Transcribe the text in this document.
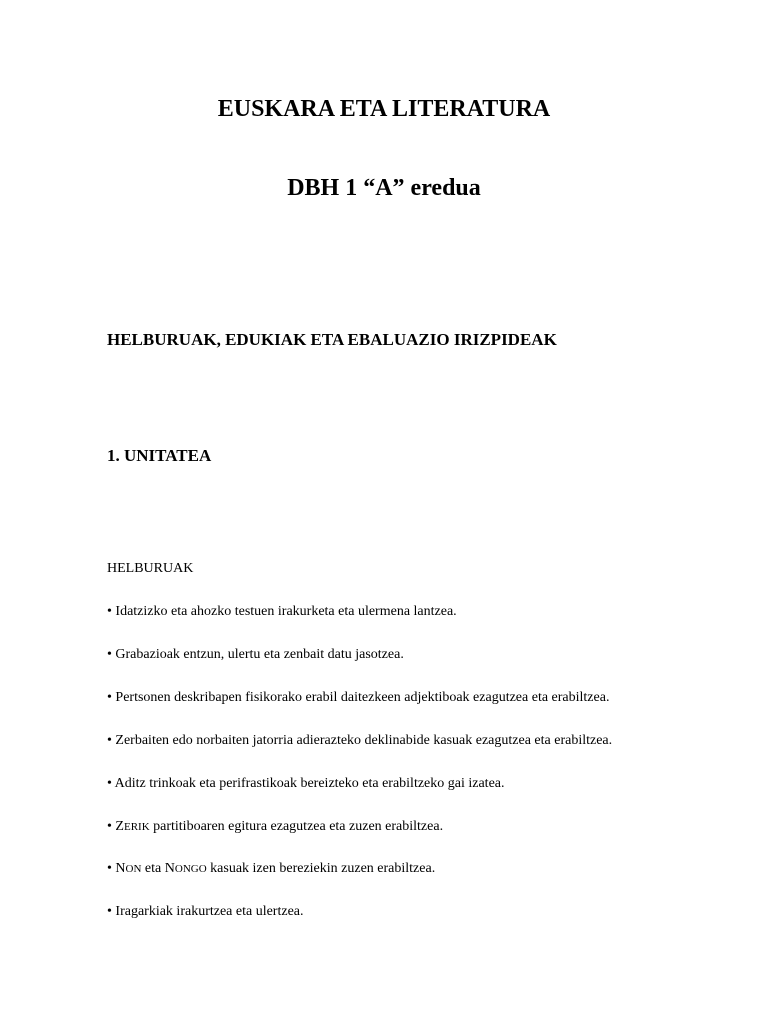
EUSKARA ETA LITERATURA
DBH 1 “A” eredua
HELBURUAK, EDUKIAK ETA EBALUAZIO IRIZPIDEAK
1. UNITATEA

HELBURUAK

• Idatzizko eta ahozko testuen irakurketa eta ulermena lantzea.

• Grabazioak entzun, ulertu eta zenbait datu jasotzea.

• Pertsonen deskribapen fisikorako erabil daitezkeen adjektiboak ezagutzea eta erabiltzea.

• Zerbaiten edo norbaiten jatorria adierazteko deklinabide kasuak ezagutzea eta erabiltzea.

• Aditz trinkoak eta perifrastikoak bereizteko eta erabiltzeko gai izatea.

• ZERIK partitiboaren egitura ezagutzea eta zuzen erabiltzea.

• NON eta NONGO kasuak izen bereziekin zuzen erabiltzea.

• Iragarkiak irakurtzea eta ulertzea.
